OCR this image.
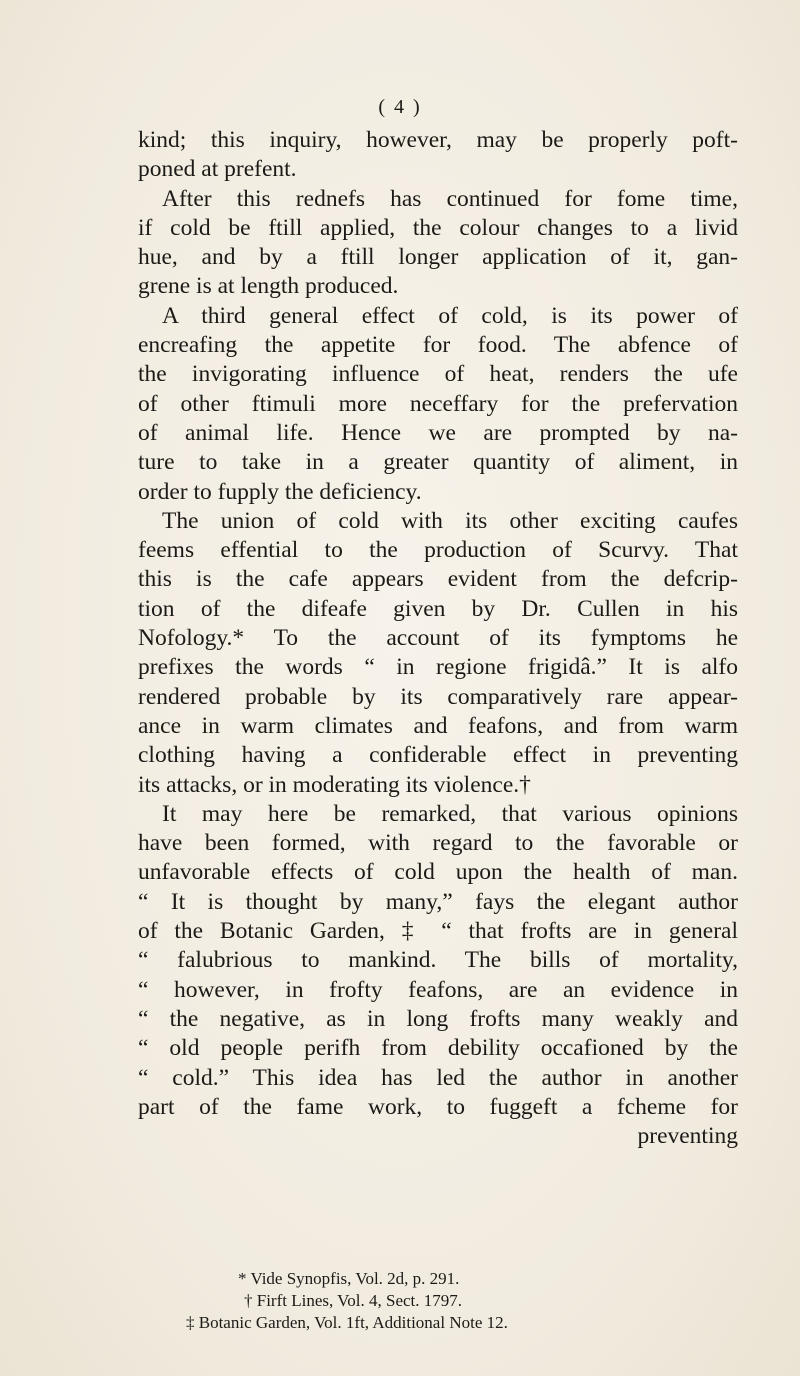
( 4 )
kind; this inquiry, however, may be properly poft-
poned at prefent.
After this rednefs has continued for fome time,
if cold be ftill applied, the colour changes to a livid
hue, and by a ftill longer application of it, gan-
grene is at length produced.
A third general effect of cold, is its power of
encreafing the appetite for food. The abfence of
the invigorating influence of heat, renders the ufe
of other ftimuli more neceffary for the prefervation
of animal life. Hence we are prompted by na-
ture to take in a greater quantity of aliment, in
order to fupply the deficiency.
The union of cold with its other exciting caufes
feems effential to the production of Scurvy. That
this is the cafe appears evident from the defcrip-
tion of the difeafe given by Dr. Cullen in his
Nofology.* To the account of its fymptoms he
prefixes the words “ in regione frigidâ.” It is alfo
rendered probable by its comparatively rare appear-
ance in warm climates and feafons, and from warm
clothing having a confiderable effect in preventing
its attacks, or in moderating its violence.†
It may here be remarked, that various opinions
have been formed, with regard to the favorable or
unfavorable effects of cold upon the health of man.
“ It is thought by many,” fays the elegant author
of the Botanic Garden, ‡ “ that frofts are in general
“ falubrious to mankind. The bills of mortality,
“ however, in frofty feafons, are an evidence in
“ the negative, as in long frofts many weakly and
“ old people perifh from debility occafioned by the
“ cold.” This idea has led the author in another
part of the fame work, to fuggeft a fcheme for
preventing
* Vide Synopfis, Vol. 2d, p. 291.
† Firft Lines, Vol. 4, Sect. 1797.
‡ Botanic Garden, Vol. 1ft, Additional Note 12.
